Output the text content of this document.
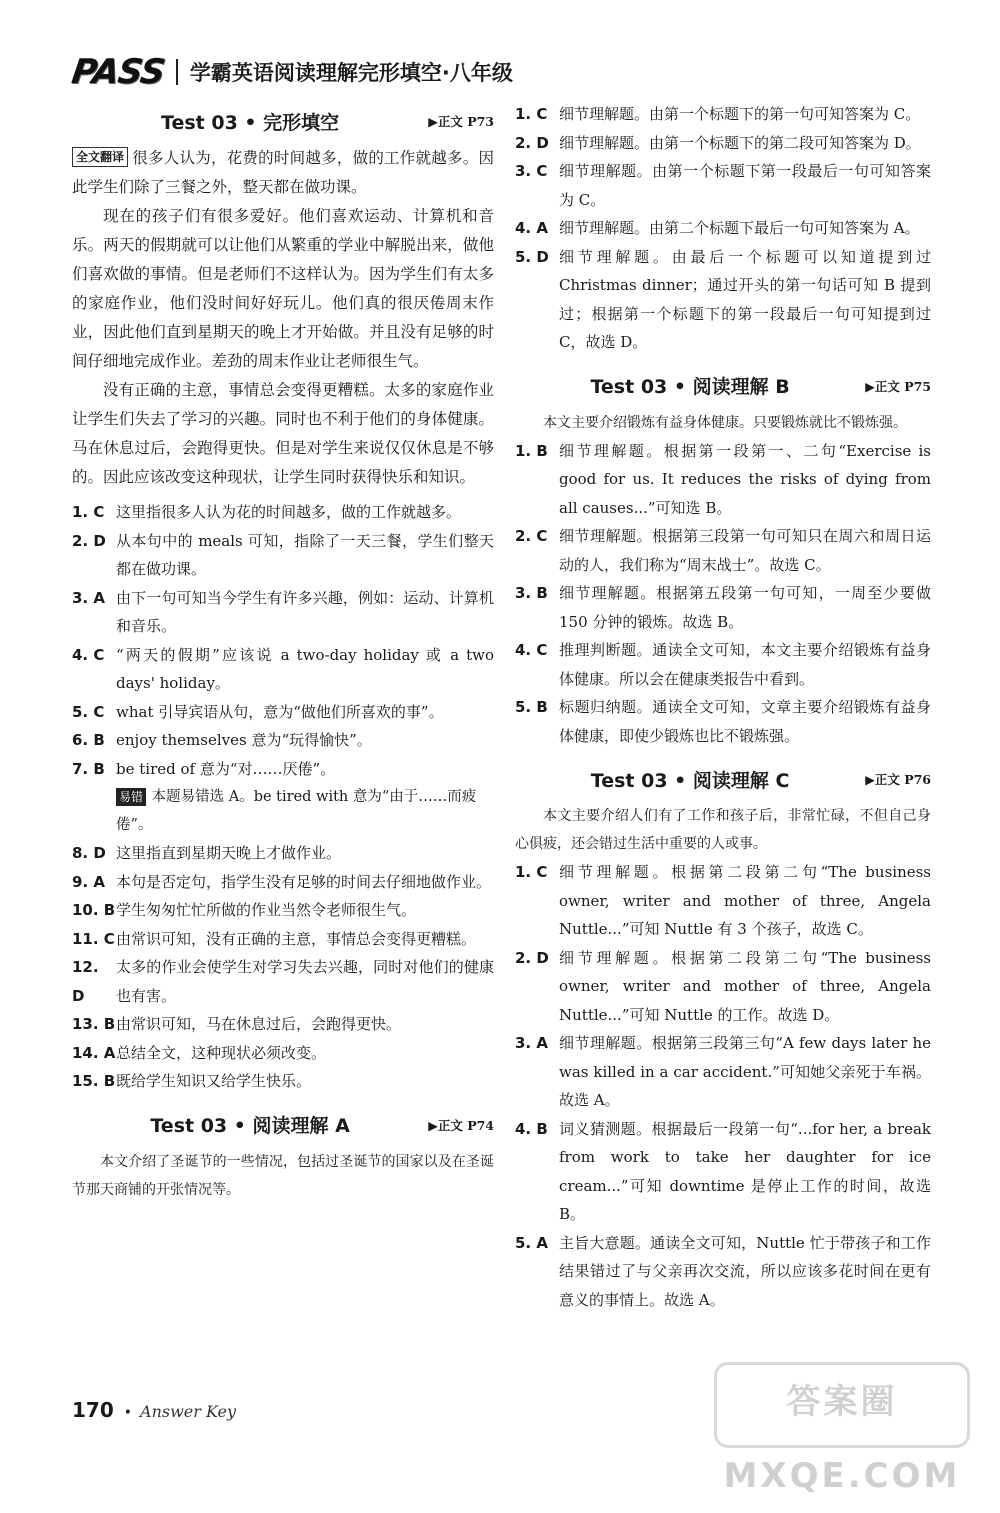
PASS 学霸英语阅读理解完形填空·八年级
Test 03 • 完形填空	▶正文 P73

全文翻译 很多人认为，花费的时间越多，做的工作就越多。因此学生们除了三餐之外，整天都在做功课。

现在的孩子们有很多爱好。他们喜欢运动、计算机和音乐。两天的假期就可以让他们从繁重的学业中解脱出来，做他们喜欢做的事情。但是老师们不这样认为。因为学生们有太多的家庭作业，他们没时间好好玩儿。他们真的很厌倦周末作业，因此他们直到星期天的晚上才开始做。并且没有足够的时间仔细地完成作业。差劲的周末作业让老师很生气。

没有正确的主意，事情总会变得更糟糕。太多的家庭作业让学生们失去了学习的兴趣。同时也不利于他们的身体健康。马在休息过后，会跑得更快。但是对学生来说仅仅休息是不够的。因此应该改变这种现状，让学生同时获得快乐和知识。

1. C 这里指很多人认为花的时间越多，做的工作就越多。
2. D 从本句中的 meals 可知，指除了一天三餐，学生们整天都在做功课。
3. A 由下一句可知当今学生有许多兴趣，例如：运动、计算机和音乐。
4. C “两天的假期”应该说 a two-day holiday 或 a two days' holiday。
5. C what 引导宾语从句，意为“做他们所喜欢的事”。
6. B enjoy themselves 意为“玩得愉快”。
7. B be tired of 意为“对……厌倦”。
易错 本题易错选 A。be tired with 意为“由于……而疲倦”。
8. D 这里指直到星期天晚上才做作业。
9. A 本句是否定句，指学生没有足够的时间去仔细地做作业。
10. B 学生匆匆忙忙所做的作业当然令老师很生气。
11. C 由常识可知，没有正确的主意，事情总会变得更糟糕。
12. D
太多的作业会使学生对学习失去兴趣，同时对他们的健康也有害。
13. B 由常识可知，马在休息过后，会跑得更快。
14. A 总结全文，这种现状必须改变。
15. B 既给学生知识又给学生快乐。
Test 03 • 阅读理解 A	▶正文 P74

本文介绍了圣诞节的一些情况，包括过圣诞节的国家以及在圣诞节那天商铺的开张情况等。

1. C 细节理解题。由第一个标题下的第一句可知答案为 C。
2. D 细节理解题。由第一个标题下的第二段可知答案为 D。
3. C 细节理解题。由第一个标题下第一段最后一句可知答案为 C。
4. A 细节理解题。由第二个标题下最后一句可知答案为 A。
5. D 细节理解题。由最后一个标题可以知道提到过 Christmas dinner；通过开头的第一句话可知 B 提到过；根据第一个标题下的第一段最后一句可知提到过 C，故选 D。
Test 03 • 阅读理解 B	▶正文 P75

本文主要介绍锻炼有益身体健康。只要锻炼就比不锻炼强。

1. B 细节理解题。根据第一段第一、二句“Exercise is good for us. It reduces the risks of dying from all causes...”可知选 B。
2. C 细节理解题。根据第三段第一句可知只在周六和周日运动的人，我们称为“周末战士”。故选 C。
3. B 细节理解题。根据第五段第一句可知，一周至少要做 150 分钟的锻炼。故选 B。
4. C 推理判断题。通读全文可知，本文主要介绍锻炼有益身体健康。所以会在健康类报告中看到。
5. B 标题归纳题。通读全文可知，文章主要介绍锻炼有益身体健康，即使少锻炼也比不锻炼强。
Test 03 • 阅读理解 C	▶正文 P76

本文主要介绍人们有了工作和孩子后，非常忙碌，不但自己身心俱疲，还会错过生活中重要的人或事。

1. C 细节理解题。根据第二段第二句“The business owner, writer and mother of three, Angela Nuttle...”可知 Nuttle 有 3 个孩子，故选 C。
2. D 细节理解题。根据第二段第二句“The business owner, writer and mother of three, Angela Nuttle...”可知 Nuttle 的工作。故选 D。
3. A 细节理解题。根据第三段第三句“A few days later he was killed in a car accident.”可知她父亲死于车祸。故选 A。
4. B 词义猜测题。根据最后一段第一句“...for her, a break from work to take her daughter for ice cream...”可知 downtime 是停止工作的时间，故选 B。
5. A 主旨大意题。通读全文可知，Nuttle 忙于带孩子和工作结果错过了与父亲再次交流，所以应该多花时间在更有意义的事情上。故选 A。
170 • Answer Key	答案圈 MXQE.COM
